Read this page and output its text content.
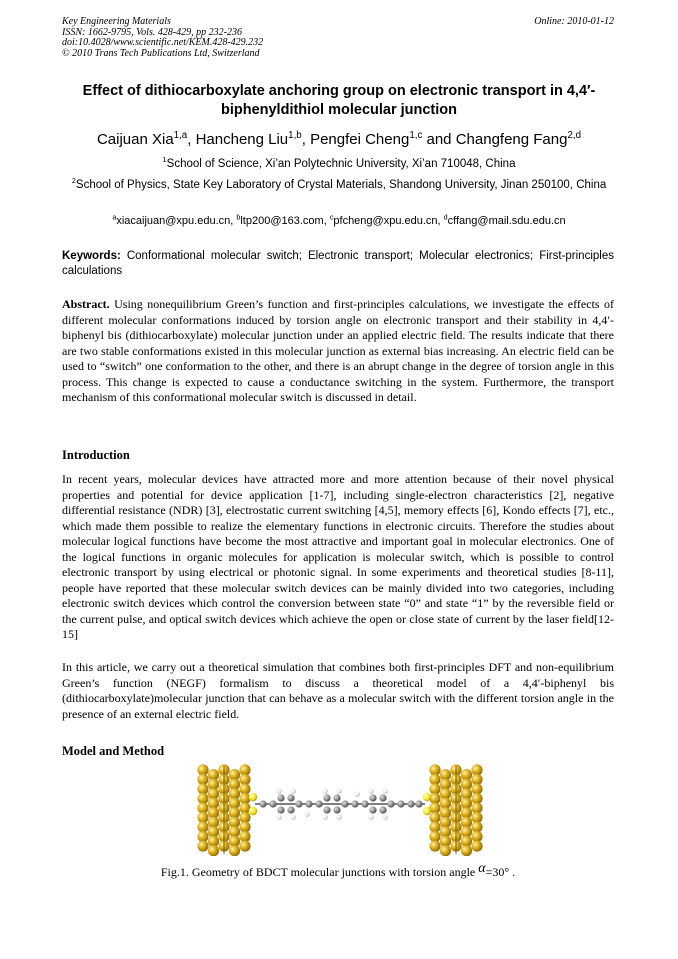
Key Engineering Materials
ISSN: 1662-9795, Vols. 428-429, pp 232-236
doi:10.4028/www.scientific.net/KEM.428-429.232
© 2010 Trans Tech Publications Ltd, Switzerland
Online: 2010-01-12
Effect of dithiocarboxylate anchoring group on electronic transport in 4,4′-biphenyldithiol molecular junction
Caijuan Xia$^{1,a}$, Hancheng Liu$^{1,b}$, Pengfei Cheng$^{1,c}$ and Changfeng Fang$^{2,d}$
$^1$School of Science, Xi’an Polytechnic University, Xi’an 710048, China
$^2$School of Physics, State Key Laboratory of Crystal Materials, Shandong University, Jinan 250100, China
$^a$xiacaijuan@xpu.edu.cn, $^b$ltp200@163.com, $^c$pfcheng@xpu.edu.cn, $^d$cffang@mail.sdu.edu.cn
Keywords: Conformational molecular switch; Electronic transport; Molecular electronics; First-principles calculations
Abstract. Using nonequilibrium Green’s function and first-principles calculations, we investigate the effects of different molecular conformations induced by torsion angle on electronic transport and their stability in 4,4′-biphenyl bis (dithiocarboxylate) molecular junction under an applied electric field. The results indicate that there are two stable conformations existed in this molecular junction as external bias increasing. An electric field can be used to “switch” one conformation to the other, and there is an abrupt change in the degree of torsion angle in this process. This change is expected to cause a conductance switching in the system. Furthermore, the transport mechanism of this conformational molecular switch is discussed in detail.
Introduction
In recent years, molecular devices have attracted more and more attention because of their novel physical properties and potential for device application [1-7], including single-electron characteristics [2], negative differential resistance (NDR) [3], electrostatic current switching [4,5], memory effects [6], Kondo effects [7], etc., which made them possible to realize the elementary functions in electronic circuits. Therefore the studies about molecular logical functions have become the most attractive and important goal in molecular electronics. One of the logical functions in organic molecules for application is molecular switch, which is possible to control electronic transport by using electrical or photonic signal. In some experiments and theoretical studies [8-11], people have reported that these molecular switch devices can be mainly divided into two categories, including electronic switch devices which control the conversion between state “0” and state “1” by the reversible field or the current pulse, and optical switch devices which achieve the open or close state of current by the laser field[12-15]
In this article, we carry out a theoretical simulation that combines both first-principles DFT and non-equilibrium Green’s function (NEGF) formalism to discuss a theoretical model of a 4,4′-biphenyl bis (dithiocarboxylate)molecular junction that can behave as a molecular switch with the different torsion angle in the presence of an external electric field.
Model and Method
Fig.1. Geometry of BDCT molecular junctions with torsion angle α=30° .
